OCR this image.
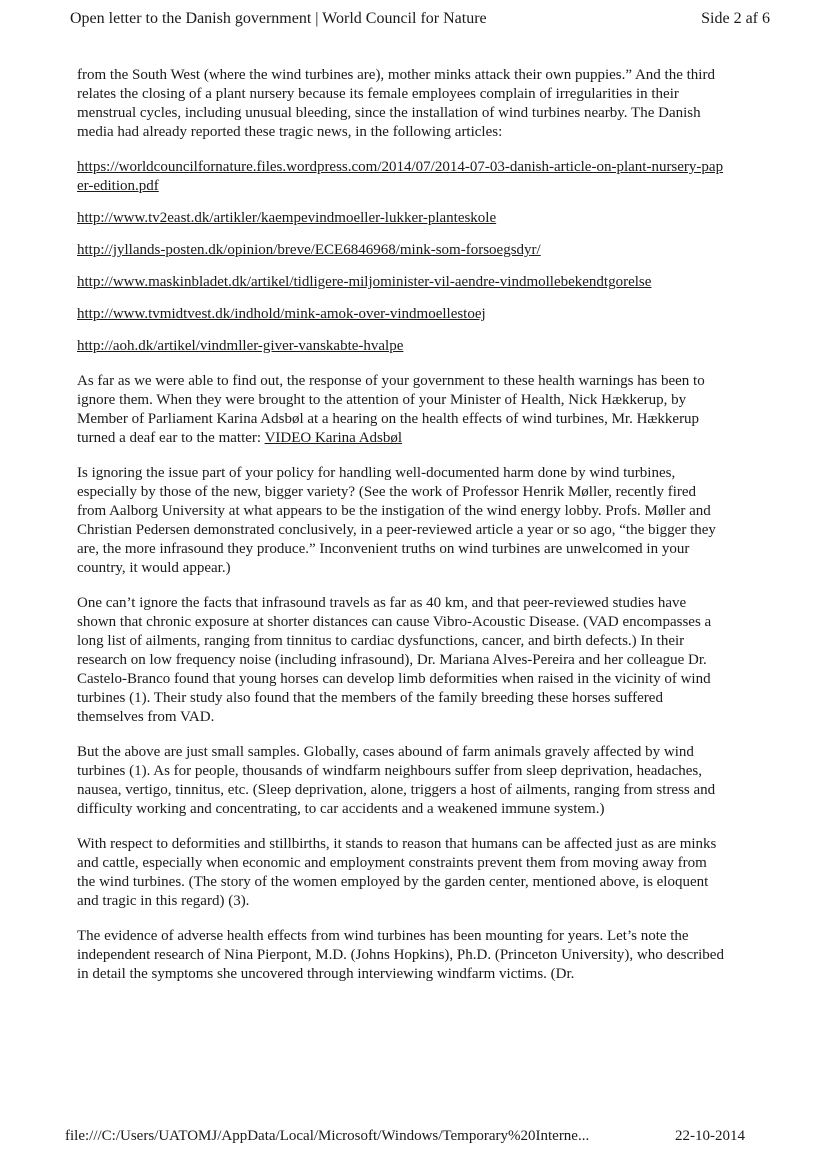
Open letter to the Danish government | World Council for Nature	Side 2 af 6

from the South West (where the wind turbines are), mother minks attack their own puppies.” And the third relates the closing of a plant nursery because its female employees complain of irregularities in their menstrual cycles, including unusual bleeding, since the installation of wind turbines nearby. The Danish media had already reported these tragic news, in the following articles:

https://worldcouncilfornature.files.wordpress.com/2014/07/2014-07-03-danish-article-on-plant-nursery-paper-edition.pdf

http://www.tv2east.dk/artikler/kaempevindmoeller-lukker-planteskole

http://jyllands-posten.dk/opinion/breve/ECE6846968/mink-som-forsoegsdyr/

http://www.maskinbladet.dk/artikel/tidligere-miljominister-vil-aendre-vindmollebekendtgorelse

http://www.tvmidtvest.dk/indhold/mink-amok-over-vindmoellestoej

http://aoh.dk/artikel/vindmller-giver-vanskabte-hvalpe

As far as we were able to find out, the response of your government to these health warnings has been to ignore them. When they were brought to the attention of your Minister of Health, Nick Hækkerup, by Member of Parliament Karina Adsbøl at a hearing on the health effects of wind turbines, Mr. Hækkerup turned a deaf ear to the matter: VIDEO Karina Adsbøl

Is ignoring the issue part of your policy for handling well-documented harm done by wind turbines, especially by those of the new, bigger variety? (See the work of Professor Henrik Møller, recently fired from Aalborg University at what appears to be the instigation of the wind energy lobby. Profs. Møller and Christian Pedersen demonstrated conclusively, in a peer-reviewed article a year or so ago, “the bigger they are, the more infrasound they produce.” Inconvenient truths on wind turbines are unwelcomed in your country, it would appear.)

One can’t ignore the facts that infrasound travels as far as 40 km, and that peer-reviewed studies have shown that chronic exposure at shorter distances can cause Vibro-Acoustic Disease. (VAD encompasses a long list of ailments, ranging from tinnitus to cardiac dysfunctions, cancer, and birth defects.) In their research on low frequency noise (including infrasound), Dr. Mariana Alves-Pereira and her colleague Dr. Castelo-Branco found that young horses can develop limb deformities when raised in the vicinity of wind turbines (1). Their study also found that the members of the family breeding these horses suffered themselves from VAD.

But the above are just small samples. Globally, cases abound of farm animals gravely affected by wind turbines (1). As for people, thousands of windfarm neighbours suffer from sleep deprivation, headaches, nausea, vertigo, tinnitus, etc. (Sleep deprivation, alone, triggers a host of ailments, ranging from stress and difficulty working and concentrating, to car accidents and a weakened immune system.)

With respect to deformities and stillbirths, it stands to reason that humans can be affected just as are minks and cattle, especially when economic and employment constraints prevent them from moving away from the wind turbines. (The story of the women employed by the garden center, mentioned above, is eloquent and tragic in this regard) (3).

The evidence of adverse health effects from wind turbines has been mounting for years. Let’s note the independent research of Nina Pierpont, M.D. (Johns Hopkins), Ph.D. (Princeton University), who described in detail the symptoms she uncovered through interviewing windfarm victims. (Dr.

file:///C:/Users/UATOMJ/AppData/Local/Microsoft/Windows/Temporary%20Interne...	22-10-2014
